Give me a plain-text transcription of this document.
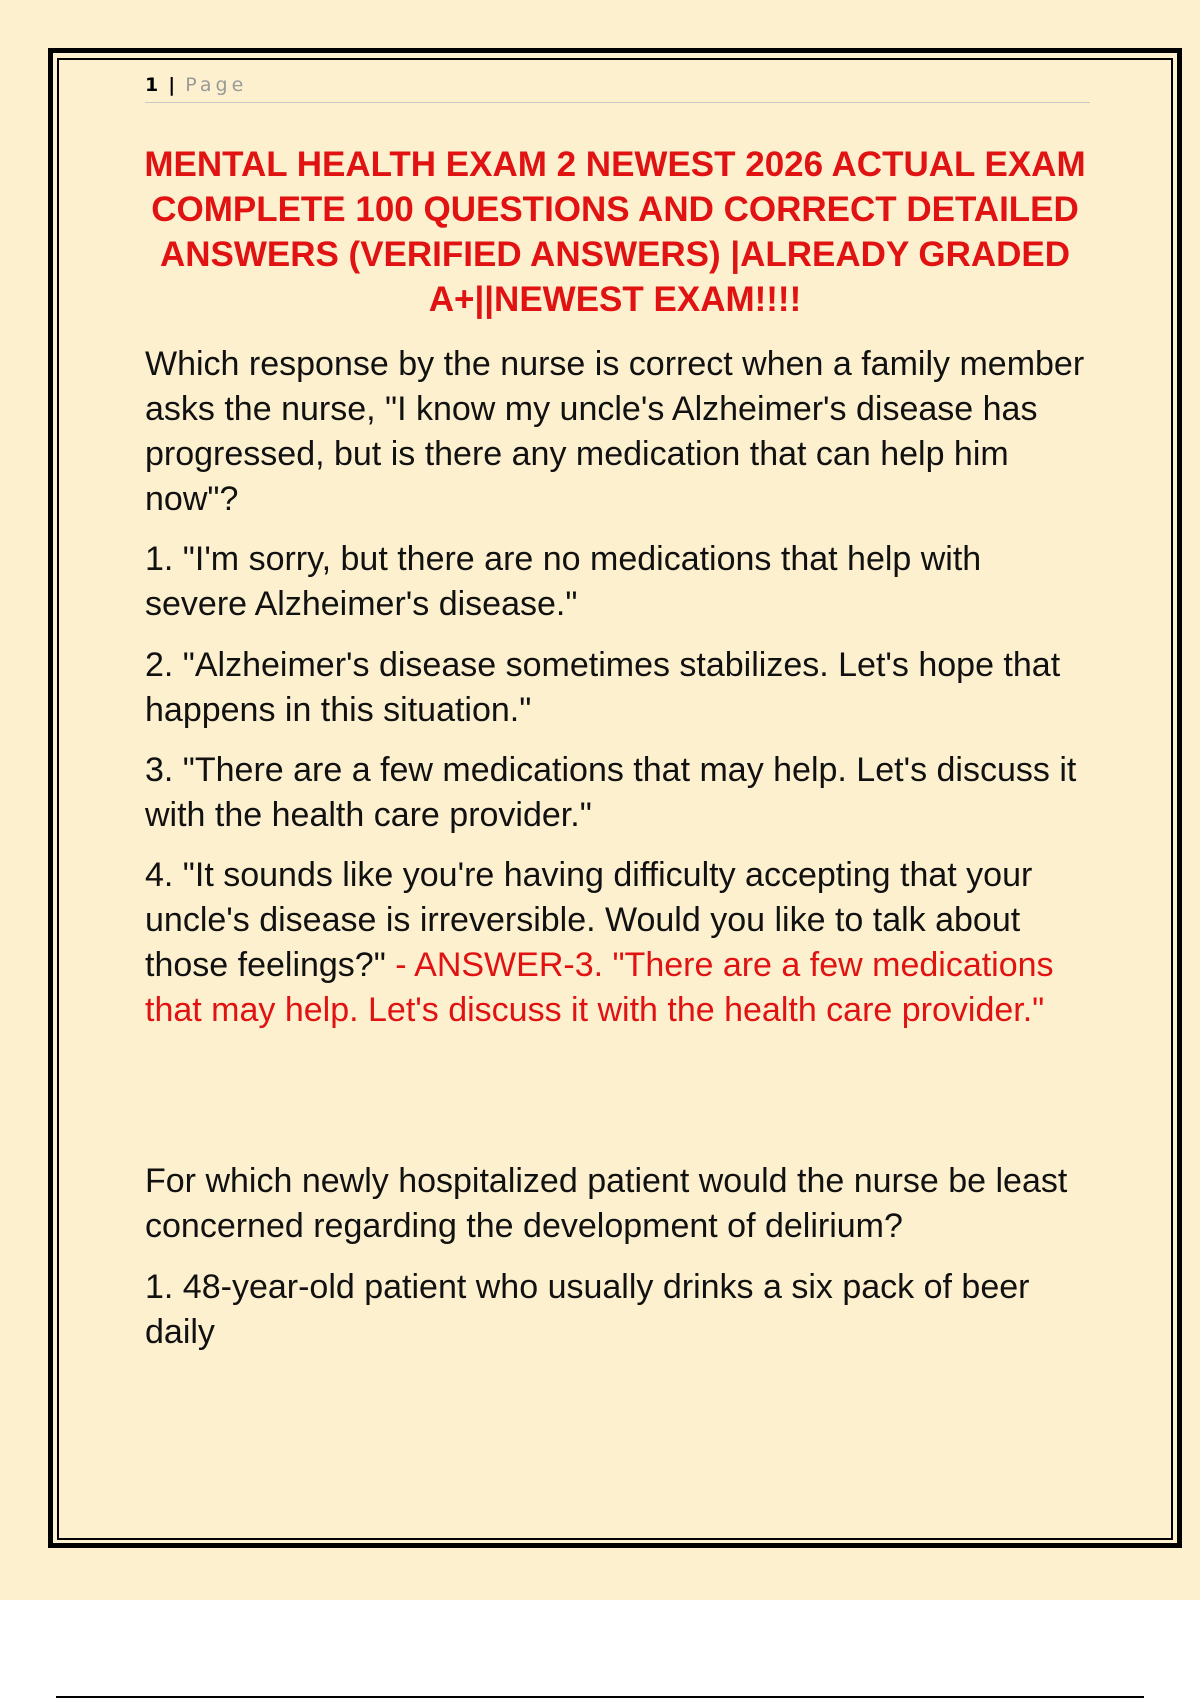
1 | Page
MENTAL HEALTH EXAM 2 NEWEST 2026 ACTUAL EXAM COMPLETE 100 QUESTIONS AND CORRECT DETAILED ANSWERS (VERIFIED ANSWERS) |ALREADY GRADED A+||NEWEST EXAM!!!!

Which response by the nurse is correct when a family member asks the nurse, "I know my uncle's Alzheimer's disease has progressed, but is there any medication that can help him now"?

1. "I'm sorry, but there are no medications that help with severe Alzheimer's disease."

2. "Alzheimer's disease sometimes stabilizes. Let's hope that happens in this situation."

3. "There are a few medications that may help. Let's discuss it with the health care provider."

4. "It sounds like you're having difficulty accepting that your uncle's disease is irreversible. Would you like to talk about those feelings?" - ANSWER-3. "There are a few medications that may help. Let's discuss it with the health care provider."

For which newly hospitalized patient would the nurse be least concerned regarding the development of delirium?

1. 48-year-old patient who usually drinks a six pack of beer daily
